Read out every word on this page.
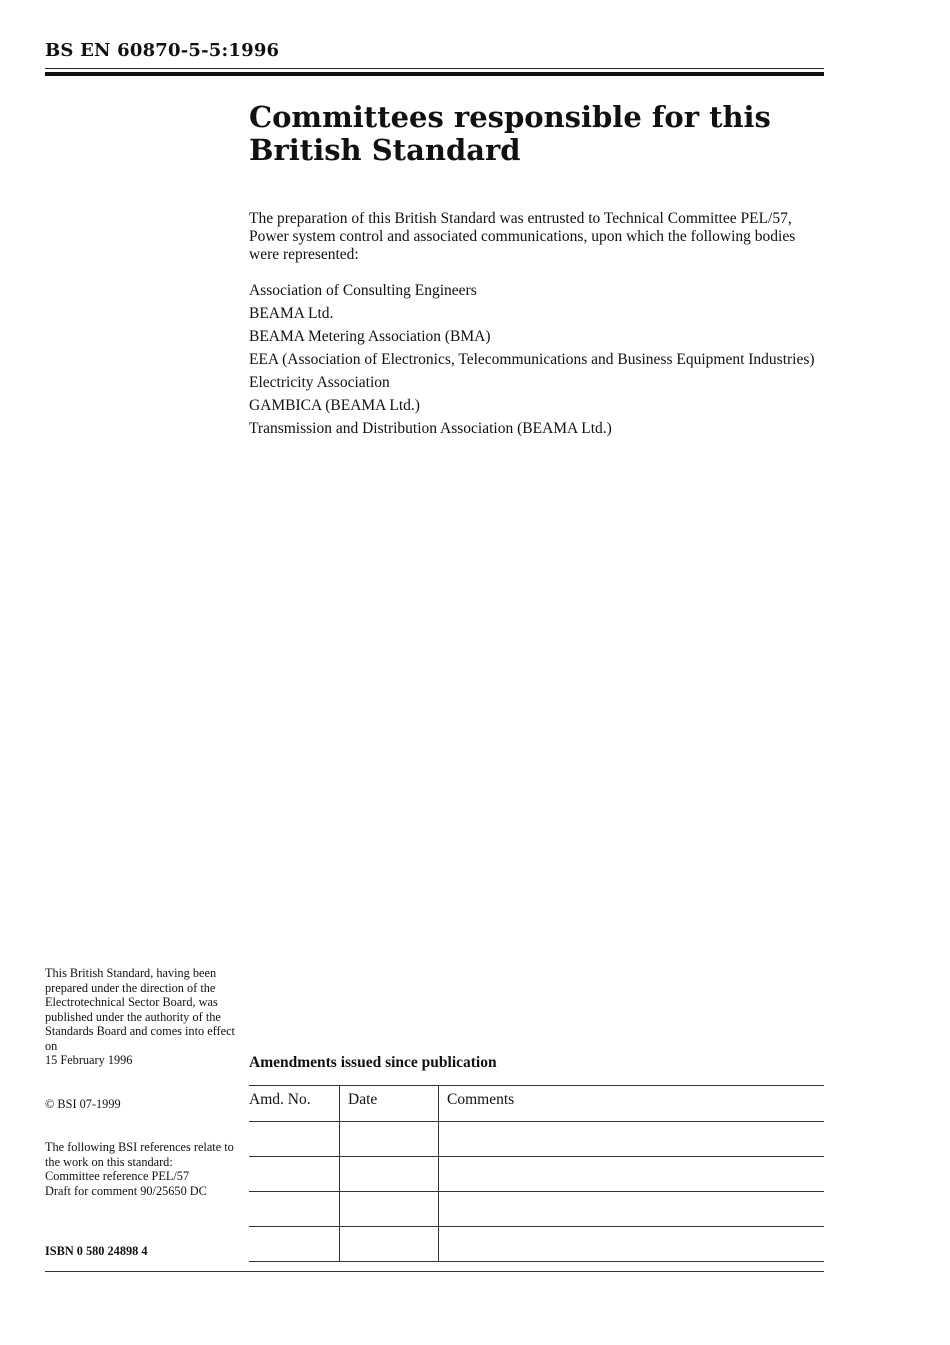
BS EN 60870-5-5:1996
Committees responsible for this
British Standard
The preparation of this British Standard was entrusted to Technical Committee PEL/57, Power system control and associated communications, upon which the following bodies were represented:
Association of Consulting Engineers
BEAMA Ltd.
BEAMA Metering Association (BMA)
EEA (Association of Electronics, Telecommunications and Business Equipment Industries)
Electricity Association
GAMBICA (BEAMA Ltd.)
Transmission and Distribution Association (BEAMA Ltd.)

This British Standard, having been prepared under the direction of the Electrotechnical Sector Board, was published under the authority of the Standards Board and comes into effect on

15 February 1996

© BSI 07-1999

The following BSI references relate to the work on this standard:

Committee reference PEL/57

Draft for comment 90/25650 DC

ISBN 0 580 24898 4
Amendments issued since publication
Amd. No.	Date	Comments
